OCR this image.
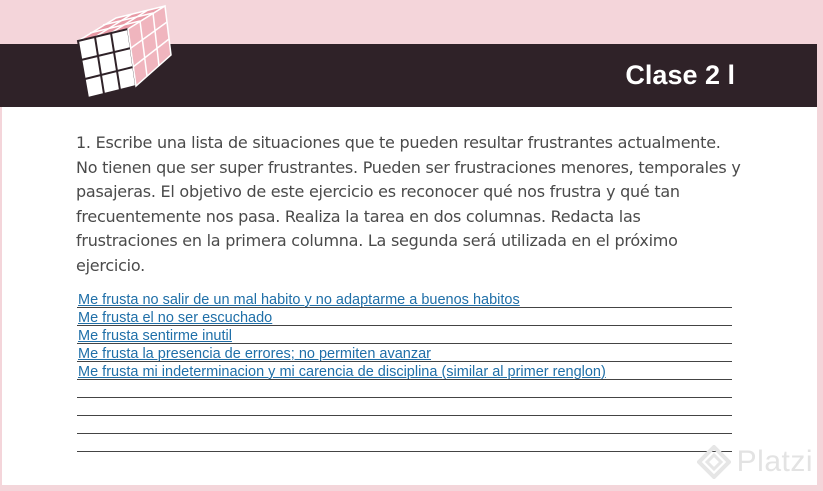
Clase 2 l

1. Escribe una lista de situaciones que te pueden resultar frustrantes actualmente. No tienen que ser super frustrantes. Pueden ser frustraciones menores, temporales y pasajeras. El objetivo de este ejercicio es reconocer qué nos frustra y qué tan frecuentemente nos pasa. Realiza la tarea en dos columnas. Redacta las frustraciones en la primera columna. La segunda será utilizada en el próximo ejercicio.

Me frusta no salir de un mal habito y no adaptarme a buenos habitos
Me frusta el no ser escuchado
Me frusta sentirme inutil
Me frusta la presencia de errores; no permiten avanzar
Me frusta mi indeterminacion y mi carencia de disciplina (similar al primer renglon)
Platzi
